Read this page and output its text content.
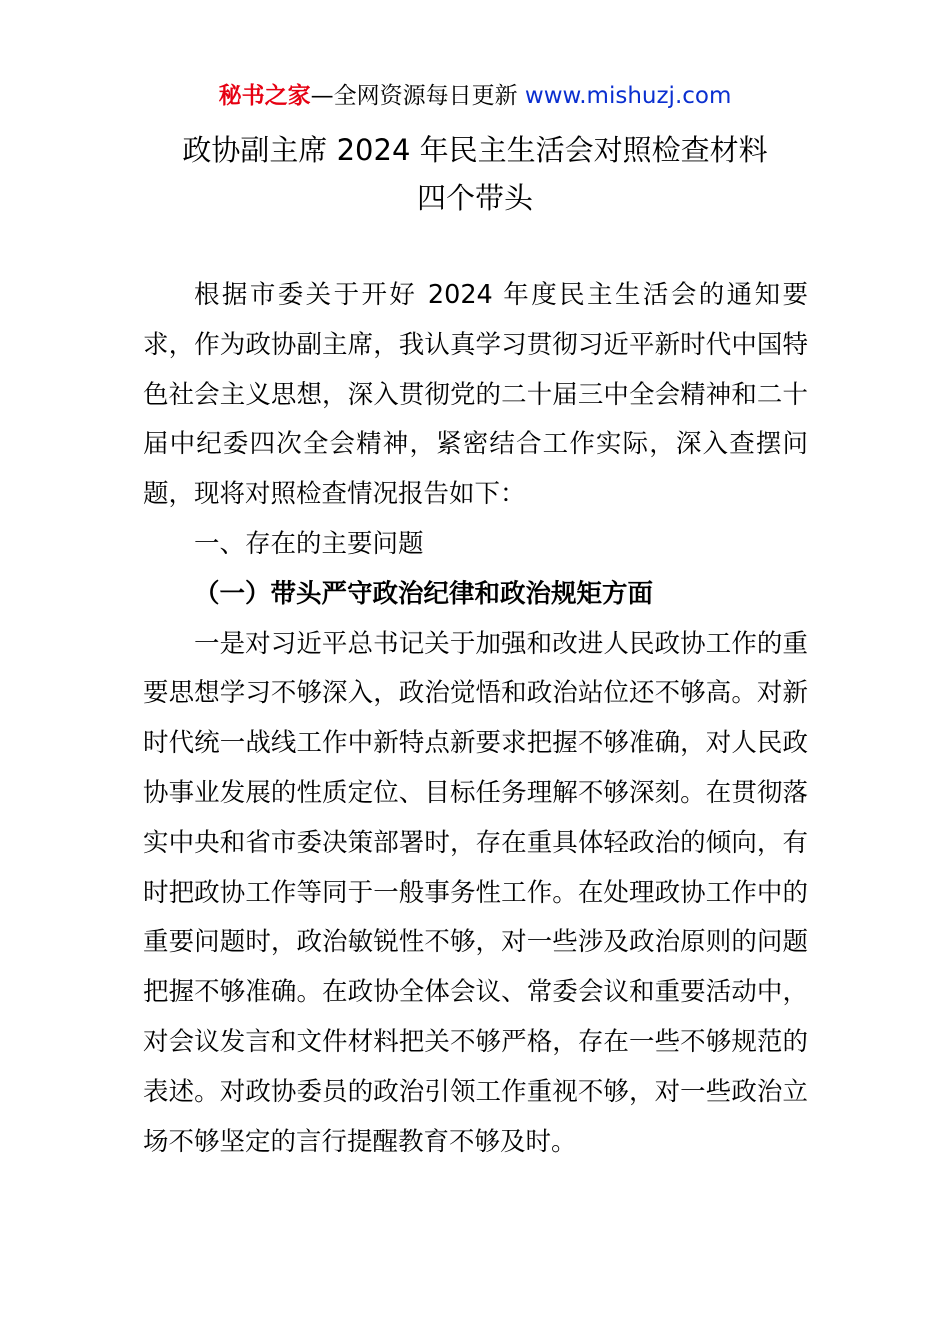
秘书之家—全网资源每日更新 www.mishuzj.com
政协副主席 2024 年民主生活会对照检查材料
四个带头

根据市委关于开好 2024 年度民主生活会的通知要求，作为政协副主席，我认真学习贯彻习近平新时代中国特色社会主义思想，深入贯彻党的二十届三中全会精神和二十届中纪委四次全会精神，紧密结合工作实际，深入查摆问题，现将对照检查情况报告如下：

一、存在的主要问题

（一）带头严守政治纪律和政治规矩方面

一是对习近平总书记关于加强和改进人民政协工作的重要思想学习不够深入，政治觉悟和政治站位还不够高。对新时代统一战线工作中新特点新要求把握不够准确，对人民政协事业发展的性质定位、目标任务理解不够深刻。在贯彻落实中央和省市委决策部署时，存在重具体轻政治的倾向，有时把政协工作等同于一般事务性工作。在处理政协工作中的重要问题时，政治敏锐性不够，对一些涉及政治原则的问题把握不够准确。在政协全体会议、常委会议和重要活动中，对会议发言和文件材料把关不够严格，存在一些不够规范的表述。对政协委员的政治引领工作重视不够，对一些政治立场不够坚定的言行提醒教育不够及时。
